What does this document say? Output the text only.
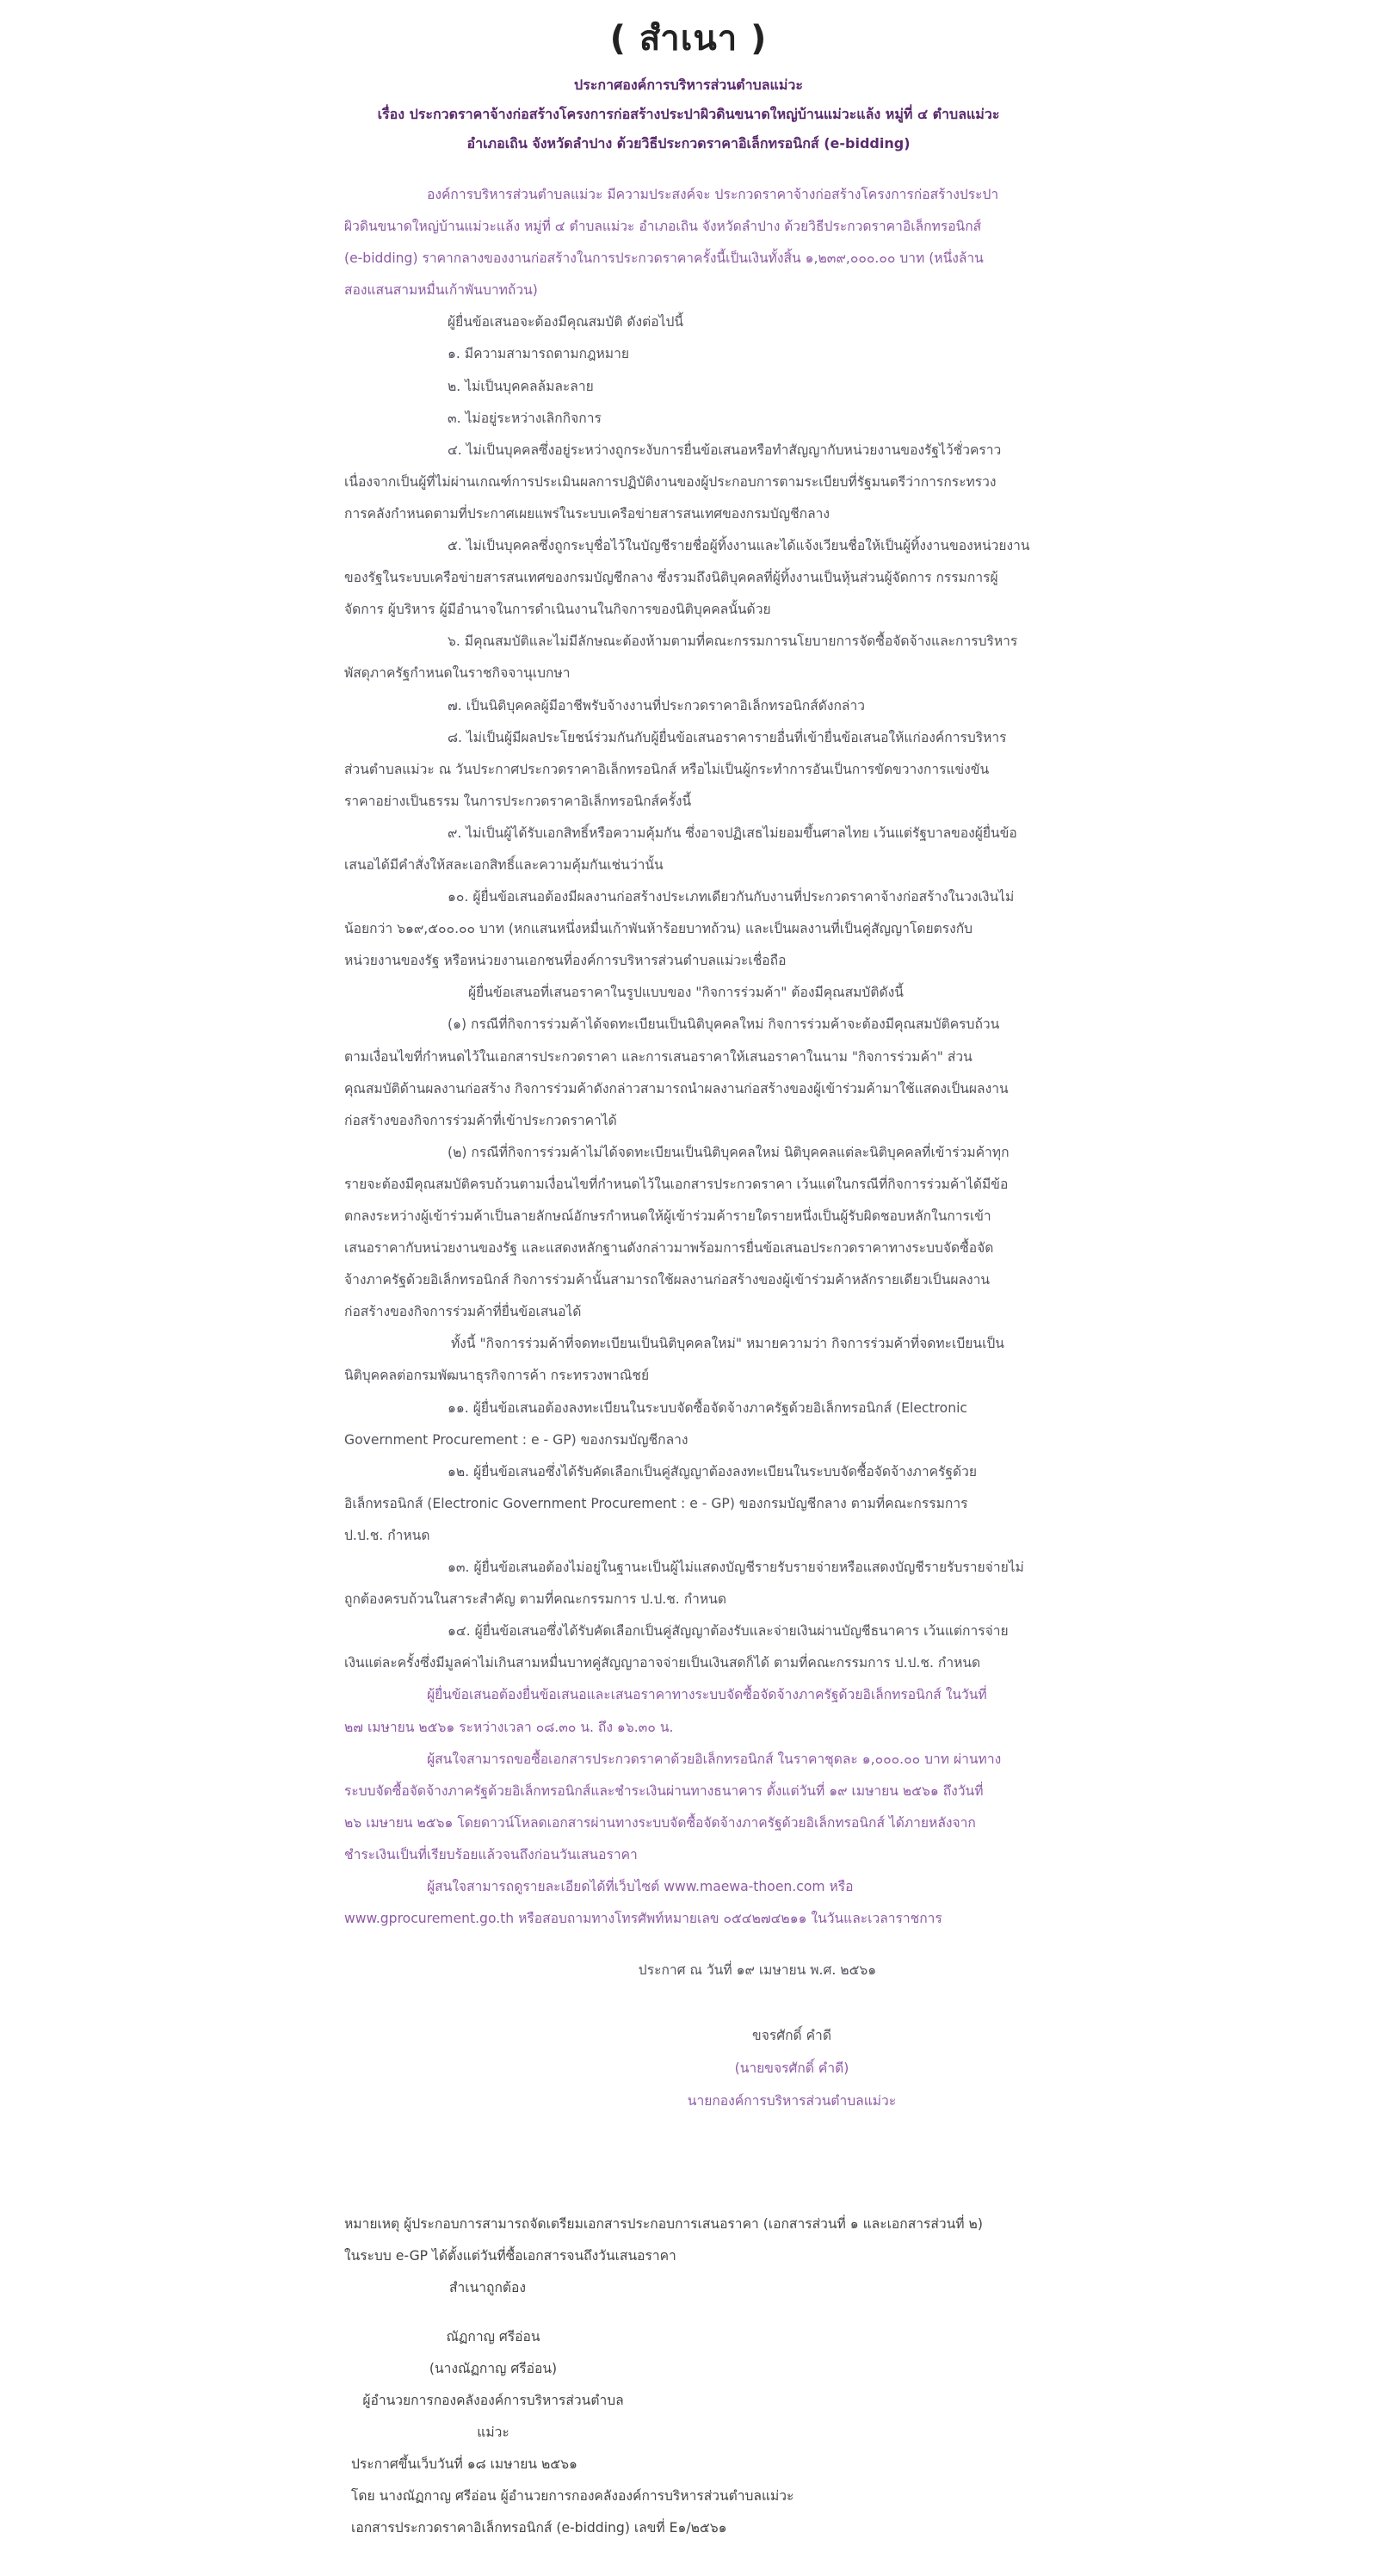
( สำเนา )
ประกาศองค์การบริหารส่วนตำบลแม่วะ
เรื่อง ประกวดราคาจ้างก่อสร้างโครงการก่อสร้างประปาผิวดินขนาดใหญ่บ้านแม่วะแล้ง หมู่ที่ ๔ ตำบลแม่วะ
อำเภอเถิน จังหวัดลำปาง ด้วยวิธีประกวดราคาอิเล็กทรอนิกส์ (e-bidding)

องค์การบริหารส่วนตำบลแม่วะ มีความประสงค์จะ ประกวดราคาจ้างก่อสร้างโครงการก่อสร้างประปา

ผิวดินขนาดใหญ่บ้านแม่วะแล้ง หมู่ที่ ๔ ตำบลแม่วะ อำเภอเถิน จังหวัดลำปาง ด้วยวิธีประกวดราคาอิเล็กทรอนิกส์

(e-bidding) ราคากลางของงานก่อสร้างในการประกวดราคาครั้งนี้เป็นเงินทั้งสิ้น ๑,๒๓๙,๐๐๐.๐๐ บาท (หนึ่งล้าน

สองแสนสามหมื่นเก้าพันบาทถ้วน)

ผู้ยื่นข้อเสนอจะต้องมีคุณสมบัติ ดังต่อไปนี้

๑. มีความสามารถตามกฎหมาย

๒. ไม่เป็นบุคคลล้มละลาย

๓. ไม่อยู่ระหว่างเลิกกิจการ

๔. ไม่เป็นบุคคลซึ่งอยู่ระหว่างถูกระงับการยื่นข้อเสนอหรือทำสัญญากับหน่วยงานของรัฐไว้ชั่วคราว

เนื่องจากเป็นผู้ที่ไม่ผ่านเกณฑ์การประเมินผลการปฏิบัติงานของผู้ประกอบการตามระเบียบที่รัฐมนตรีว่าการกระทรวง

การคลังกำหนดตามที่ประกาศเผยแพร่ในระบบเครือข่ายสารสนเทศของกรมบัญชีกลาง

๕. ไม่เป็นบุคคลซึ่งถูกระบุชื่อไว้ในบัญชีรายชื่อผู้ทิ้งงานและได้แจ้งเวียนชื่อให้เป็นผู้ทิ้งงานของหน่วยงาน

ของรัฐในระบบเครือข่ายสารสนเทศของกรมบัญชีกลาง ซึ่งรวมถึงนิติบุคคลที่ผู้ทิ้งงานเป็นหุ้นส่วนผู้จัดการ กรรมการผู้

จัดการ ผู้บริหาร ผู้มีอำนาจในการดำเนินงานในกิจการของนิติบุคคลนั้นด้วย

๖. มีคุณสมบัติและไม่มีลักษณะต้องห้ามตามที่คณะกรรมการนโยบายการจัดซื้อจัดจ้างและการบริหาร

พัสดุภาครัฐกำหนดในราชกิจจานุเบกษา

๗. เป็นนิติบุคคลผู้มีอาชีพรับจ้างงานที่ประกวดราคาอิเล็กทรอนิกส์ดังกล่าว

๘. ไม่เป็นผู้มีผลประโยชน์ร่วมกันกับผู้ยื่นข้อเสนอราคารายอื่นที่เข้ายื่นข้อเสนอให้แก่องค์การบริหาร

ส่วนตำบลแม่วะ ณ วันประกาศประกวดราคาอิเล็กทรอนิกส์ หรือไม่เป็นผู้กระทำการอันเป็นการขัดขวางการแข่งขัน

ราคาอย่างเป็นธรรม ในการประกวดราคาอิเล็กทรอนิกส์ครั้งนี้

๙. ไม่เป็นผู้ได้รับเอกสิทธิ์หรือความคุ้มกัน ซึ่งอาจปฏิเสธไม่ยอมขึ้นศาลไทย เว้นแต่รัฐบาลของผู้ยื่นข้อ

เสนอได้มีคำสั่งให้สละเอกสิทธิ์และความคุ้มกันเช่นว่านั้น

๑๐. ผู้ยื่นข้อเสนอต้องมีผลงานก่อสร้างประเภทเดียวกันกับงานที่ประกวดราคาจ้างก่อสร้างในวงเงินไม่

น้อยกว่า ๖๑๙,๕๐๐.๐๐ บาท (หกแสนหนึ่งหมื่นเก้าพันห้าร้อยบาทถ้วน) และเป็นผลงานที่เป็นคู่สัญญาโดยตรงกับ

หน่วยงานของรัฐ หรือหน่วยงานเอกชนที่องค์การบริหารส่วนตำบลแม่วะเชื่อถือ

ผู้ยื่นข้อเสนอที่เสนอราคาในรูปแบบของ "กิจการร่วมค้า" ต้องมีคุณสมบัติดังนี้

(๑) กรณีที่กิจการร่วมค้าได้จดทะเบียนเป็นนิติบุคคลใหม่ กิจการร่วมค้าจะต้องมีคุณสมบัติครบถ้วน

ตามเงื่อนไขที่กำหนดไว้ในเอกสารประกวดราคา และการเสนอราคาให้เสนอราคาในนาม "กิจการร่วมค้า" ส่วน

คุณสมบัติด้านผลงานก่อสร้าง กิจการร่วมค้าดังกล่าวสามารถนำผลงานก่อสร้างของผู้เข้าร่วมค้ามาใช้แสดงเป็นผลงาน

ก่อสร้างของกิจการร่วมค้าที่เข้าประกวดราคาได้

(๒) กรณีที่กิจการร่วมค้าไม่ได้จดทะเบียนเป็นนิติบุคคลใหม่ นิติบุคคลแต่ละนิติบุคคลที่เข้าร่วมค้าทุก

รายจะต้องมีคุณสมบัติครบถ้วนตามเงื่อนไขที่กำหนดไว้ในเอกสารประกวดราคา เว้นแต่ในกรณีที่กิจการร่วมค้าได้มีข้อ

ตกลงระหว่างผู้เข้าร่วมค้าเป็นลายลักษณ์อักษรกำหนดให้ผู้เข้าร่วมค้ารายใดรายหนึ่งเป็นผู้รับผิดชอบหลักในการเข้า

เสนอราคากับหน่วยงานของรัฐ และแสดงหลักฐานดังกล่าวมาพร้อมการยื่นข้อเสนอประกวดราคาทางระบบจัดซื้อจัด

จ้างภาครัฐด้วยอิเล็กทรอนิกส์ กิจการร่วมค้านั้นสามารถใช้ผลงานก่อสร้างของผู้เข้าร่วมค้าหลักรายเดียวเป็นผลงาน

ก่อสร้างของกิจการร่วมค้าที่ยื่นข้อเสนอได้

ทั้งนี้ "กิจการร่วมค้าที่จดทะเบียนเป็นนิติบุคคลใหม่" หมายความว่า กิจการร่วมค้าที่จดทะเบียนเป็น

นิติบุคคลต่อกรมพัฒนาธุรกิจการค้า กระทรวงพาณิชย์

๑๑. ผู้ยื่นข้อเสนอต้องลงทะเบียนในระบบจัดซื้อจัดจ้างภาครัฐด้วยอิเล็กทรอนิกส์ (Electronic

Government Procurement : e - GP) ของกรมบัญชีกลาง

๑๒. ผู้ยื่นข้อเสนอซึ่งได้รับคัดเลือกเป็นคู่สัญญาต้องลงทะเบียนในระบบจัดซื้อจัดจ้างภาครัฐด้วย

อิเล็กทรอนิกส์ (Electronic Government Procurement : e - GP) ของกรมบัญชีกลาง ตามที่คณะกรรมการ

ป.ป.ช. กำหนด

๑๓. ผู้ยื่นข้อเสนอต้องไม่อยู่ในฐานะเป็นผู้ไม่แสดงบัญชีรายรับรายจ่ายหรือแสดงบัญชีรายรับรายจ่ายไม่

ถูกต้องครบถ้วนในสาระสำคัญ ตามที่คณะกรรมการ ป.ป.ช. กำหนด

๑๔. ผู้ยื่นข้อเสนอซึ่งได้รับคัดเลือกเป็นคู่สัญญาต้องรับและจ่ายเงินผ่านบัญชีธนาคาร เว้นแต่การจ่าย

เงินแต่ละครั้งซึ่งมีมูลค่าไม่เกินสามหมื่นบาทคู่สัญญาอาจจ่ายเป็นเงินสดก็ได้ ตามที่คณะกรรมการ ป.ป.ช. กำหนด

ผู้ยื่นข้อเสนอต้องยื่นข้อเสนอและเสนอราคาทางระบบจัดซื้อจัดจ้างภาครัฐด้วยอิเล็กทรอนิกส์ ในวันที่

๒๗ เมษายน ๒๕๖๑ ระหว่างเวลา ๐๘.๓๐ น. ถึง ๑๖.๓๐ น.

ผู้สนใจสามารถขอซื้อเอกสารประกวดราคาด้วยอิเล็กทรอนิกส์ ในราคาชุดละ ๑,๐๐๐.๐๐ บาท ผ่านทาง

ระบบจัดซื้อจัดจ้างภาครัฐด้วยอิเล็กทรอนิกส์และชำระเงินผ่านทางธนาคาร ตั้งแต่วันที่ ๑๙ เมษายน ๒๕๖๑ ถึงวันที่

๒๖ เมษายน ๒๕๖๑ โดยดาวน์โหลดเอกสารผ่านทางระบบจัดซื้อจัดจ้างภาครัฐด้วยอิเล็กทรอนิกส์ ได้ภายหลังจาก

ชำระเงินเป็นที่เรียบร้อยแล้วจนถึงก่อนวันเสนอราคา

ผู้สนใจสามารถดูรายละเอียดได้ที่เว็บไซต์ www.maewa-thoen.com หรือ

www.gprocurement.go.th หรือสอบถามทางโทรศัพท์หมายเลข ๐๕๔๒๗๔๒๑๑ ในวันและเวลาราชการ

ประกาศ ณ วันที่ ๑๙ เมษายน พ.ศ. ๒๕๖๑
ขจรศักดิ์ คำดี
(นายขจรศักดิ์ คำดี)
นายกองค์การบริหารส่วนตำบลแม่วะ

หมายเหตุ ผู้ประกอบการสามารถจัดเตรียมเอกสารประกอบการเสนอราคา (เอกสารส่วนที่ ๑ และเอกสารส่วนที่ ๒)

ในระบบ e-GP ได้ตั้งแต่วันที่ซื้อเอกสารจนถึงวันเสนอราคา

สำเนาถูกต้อง

ณัฏกาญ ศรีอ่อน

(นางณัฏกาญ ศรีอ่อน)

ผู้อำนวยการกองคลังองค์การบริหารส่วนตำบล

แม่วะ

ประกาศขึ้นเว็บวันที่ ๑๘ เมษายน ๒๕๖๑

โดย นางณัฏกาญ ศรีอ่อน ผู้อำนวยการกองคลังองค์การบริหารส่วนตำบลแม่วะ

เอกสารประกวดราคาอิเล็กทรอนิกส์ (e-bidding) เลขที่ E๑/๒๕๖๑
